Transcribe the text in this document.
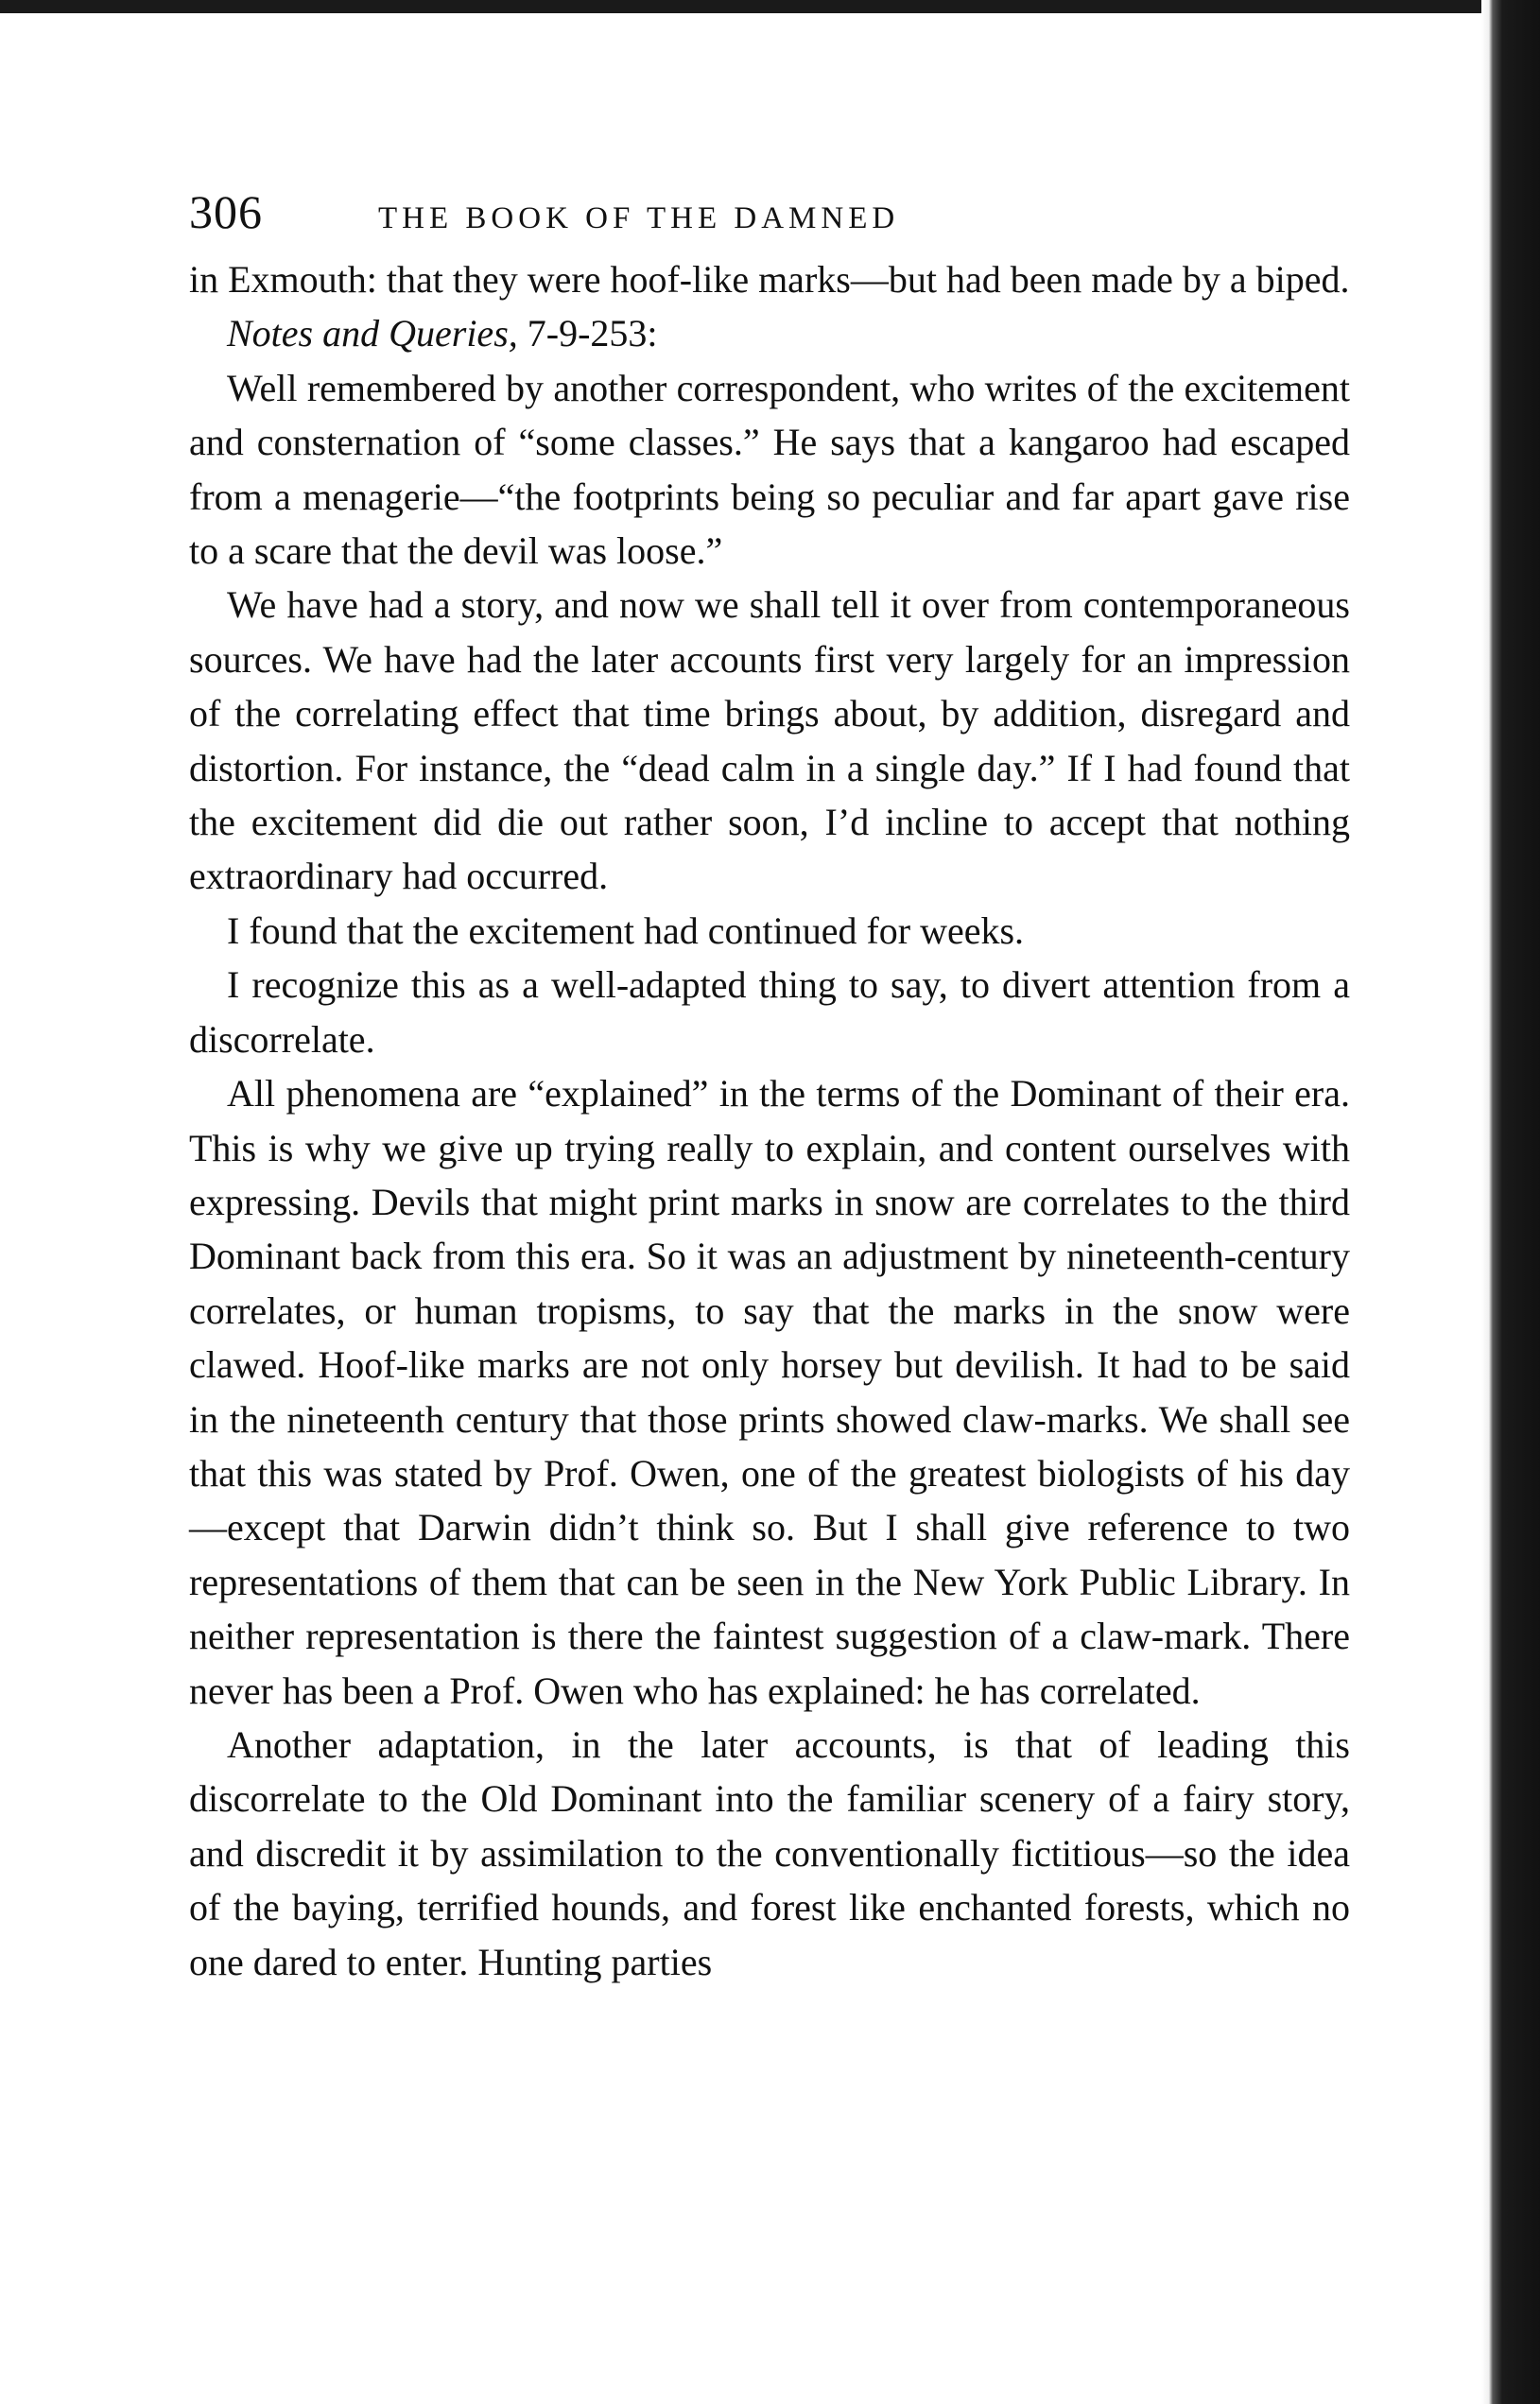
306	THE BOOK OF THE DAMNED

in Exmouth: that they were hoof-like marks—but had been made by a biped.

Notes and Queries, 7-9-253:

Well remembered by another correspondent, who writes of the excitement and consternation of “some classes.” He says that a kangaroo had escaped from a menagerie—“the footprints being so peculiar and far apart gave rise to a scare that the devil was loose.”

We have had a story, and now we shall tell it over from contemporaneous sources. We have had the later accounts first very largely for an impression of the correlating effect that time brings about, by addition, disregard and distortion. For instance, the “dead calm in a single day.” If I had found that the excitement did die out rather soon, I’d incline to accept that nothing extraordinary had occurred.

I found that the excitement had continued for weeks.

I recognize this as a well-adapted thing to say, to divert attention from a discorrelate.

All phenomena are “explained” in the terms of the Dominant of their era. This is why we give up trying really to explain, and content ourselves with expressing. Devils that might print marks in snow are correlates to the third Dominant back from this era. So it was an adjustment by nineteenth-century correlates, or human tropisms, to say that the marks in the snow were clawed. Hoof-like marks are not only horsey but devilish. It had to be said in the nineteenth century that those prints showed claw-marks. We shall see that this was stated by Prof. Owen, one of the greatest biologists of his day—except that Darwin didn’t think so. But I shall give reference to two representations of them that can be seen in the New York Public Library. In neither representation is there the faintest suggestion of a claw-mark. There never has been a Prof. Owen who has explained: he has correlated.

Another adaptation, in the later accounts, is that of leading this discorrelate to the Old Dominant into the familiar scenery of a fairy story, and discredit it by assimilation to the conventionally fictitious—so the idea of the baying, terrified hounds, and forest like enchanted forests, which no one dared to enter. Hunting parties
